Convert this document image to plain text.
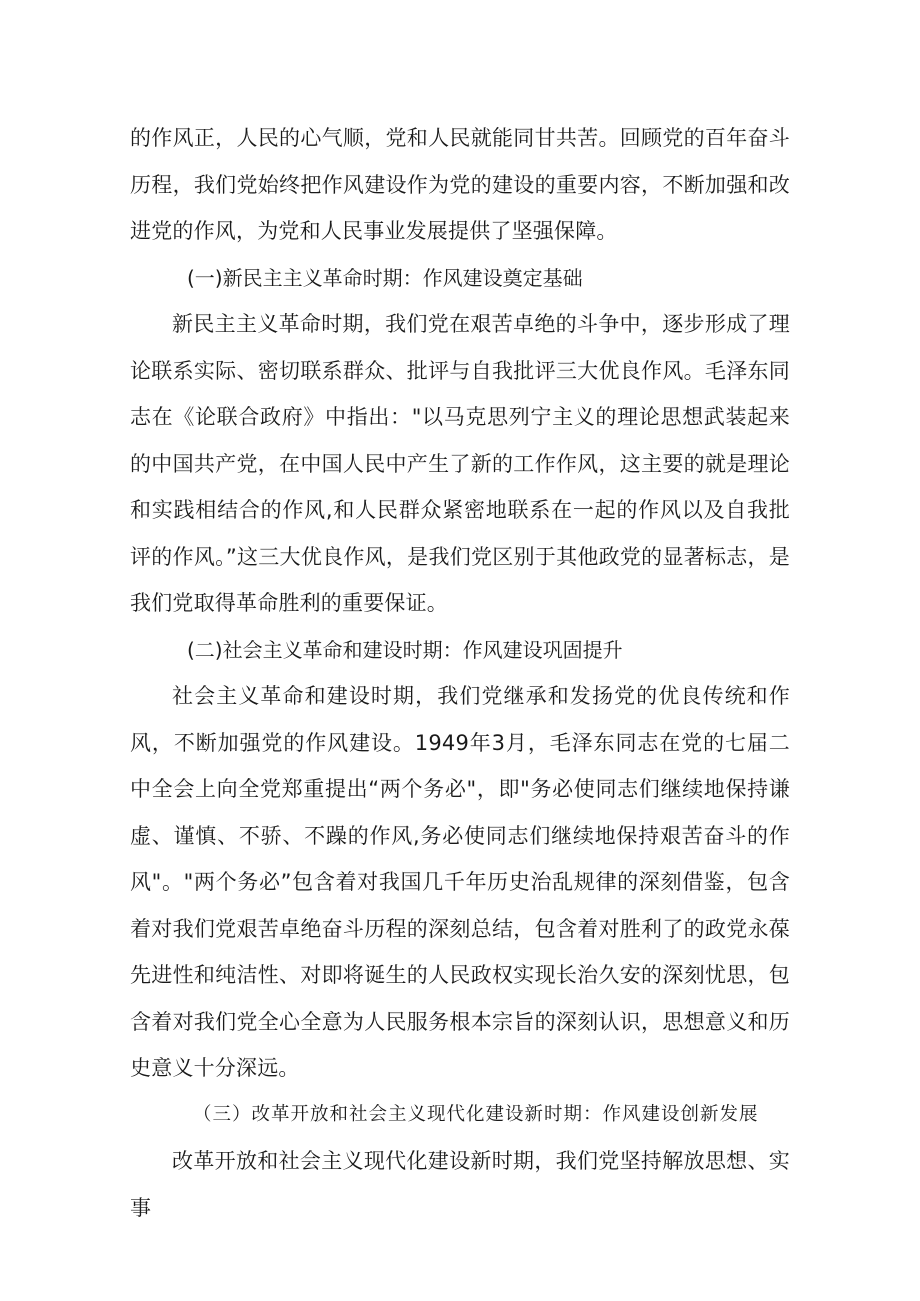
的作风正，人民的心气顺，党和人民就能同甘共苦。回顾党的百年奋斗历程，我们党始终把作风建设作为党的建设的重要内容，不断加强和改进党的作风，为党和人民事业发展提供了坚强保障。

(一)新民主主义革命时期：作风建设奠定基础

新民主主义革命时期，我们党在艰苦卓绝的斗争中，逐步形成了理论联系实际、密切联系群众、批评与自我批评三大优良作风。毛泽东同志在《论联合政府》中指出："以马克思列宁主义的理论思想武装起来的中国共产党，在中国人民中产生了新的工作作风，这主要的就是理论和实践相结合的作风,和人民群众紧密地联系在一起的作风以及自我批评的作风。”这三大优良作风，是我们党区别于其他政党的显著标志，是我们党取得革命胜利的重要保证。

(二)社会主义革命和建设时期：作风建设巩固提升

社会主义革命和建设时期，我们党继承和发扬党的优良传统和作风，不断加强党的作风建设。1949年3月，毛泽东同志在党的七届二中全会上向全党郑重提出“两个务必"，即"务必使同志们继续地保持谦虚、谨慎、不骄、不躁的作风,务必使同志们继续地保持艰苦奋斗的作风"。"两个务必”包含着对我国几千年历史治乱规律的深刻借鉴，包含着对我们党艰苦卓绝奋斗历程的深刻总结，包含着对胜利了的政党永葆先进性和纯洁性、对即将诞生的人民政权实现长治久安的深刻忧思，包含着对我们党全心全意为人民服务根本宗旨的深刻认识，思想意义和历史意义十分深远。

（三）改革开放和社会主义现代化建设新时期：作风建设创新发展

改革开放和社会主义现代化建设新时期，我们党坚持解放思想、实事
